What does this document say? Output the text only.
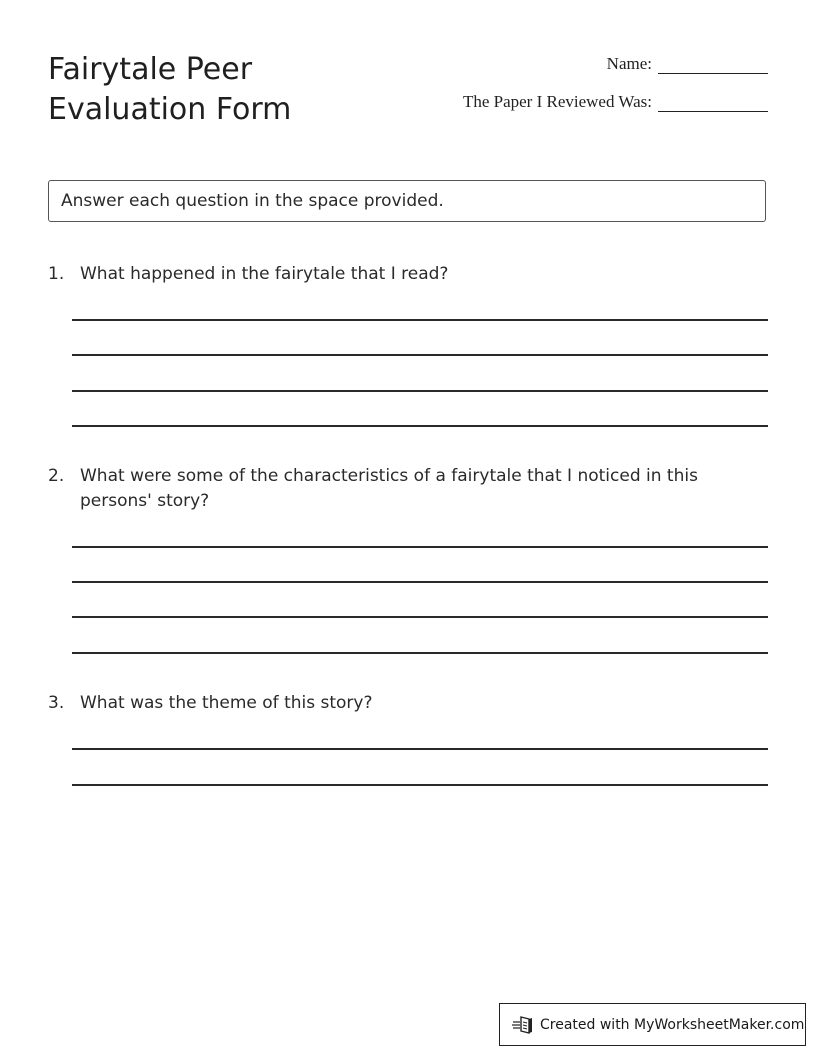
Fairytale Peer
Evaluation Form
Name:
The Paper I Reviewed Was:
Answer each question in the space provided.
1. What happened in the fairytale that I read?
2. What were some of the characteristics of a fairytale that I noticed in this persons' story?
3. What was the theme of this story?
Created with MyWorksheetMaker.com
